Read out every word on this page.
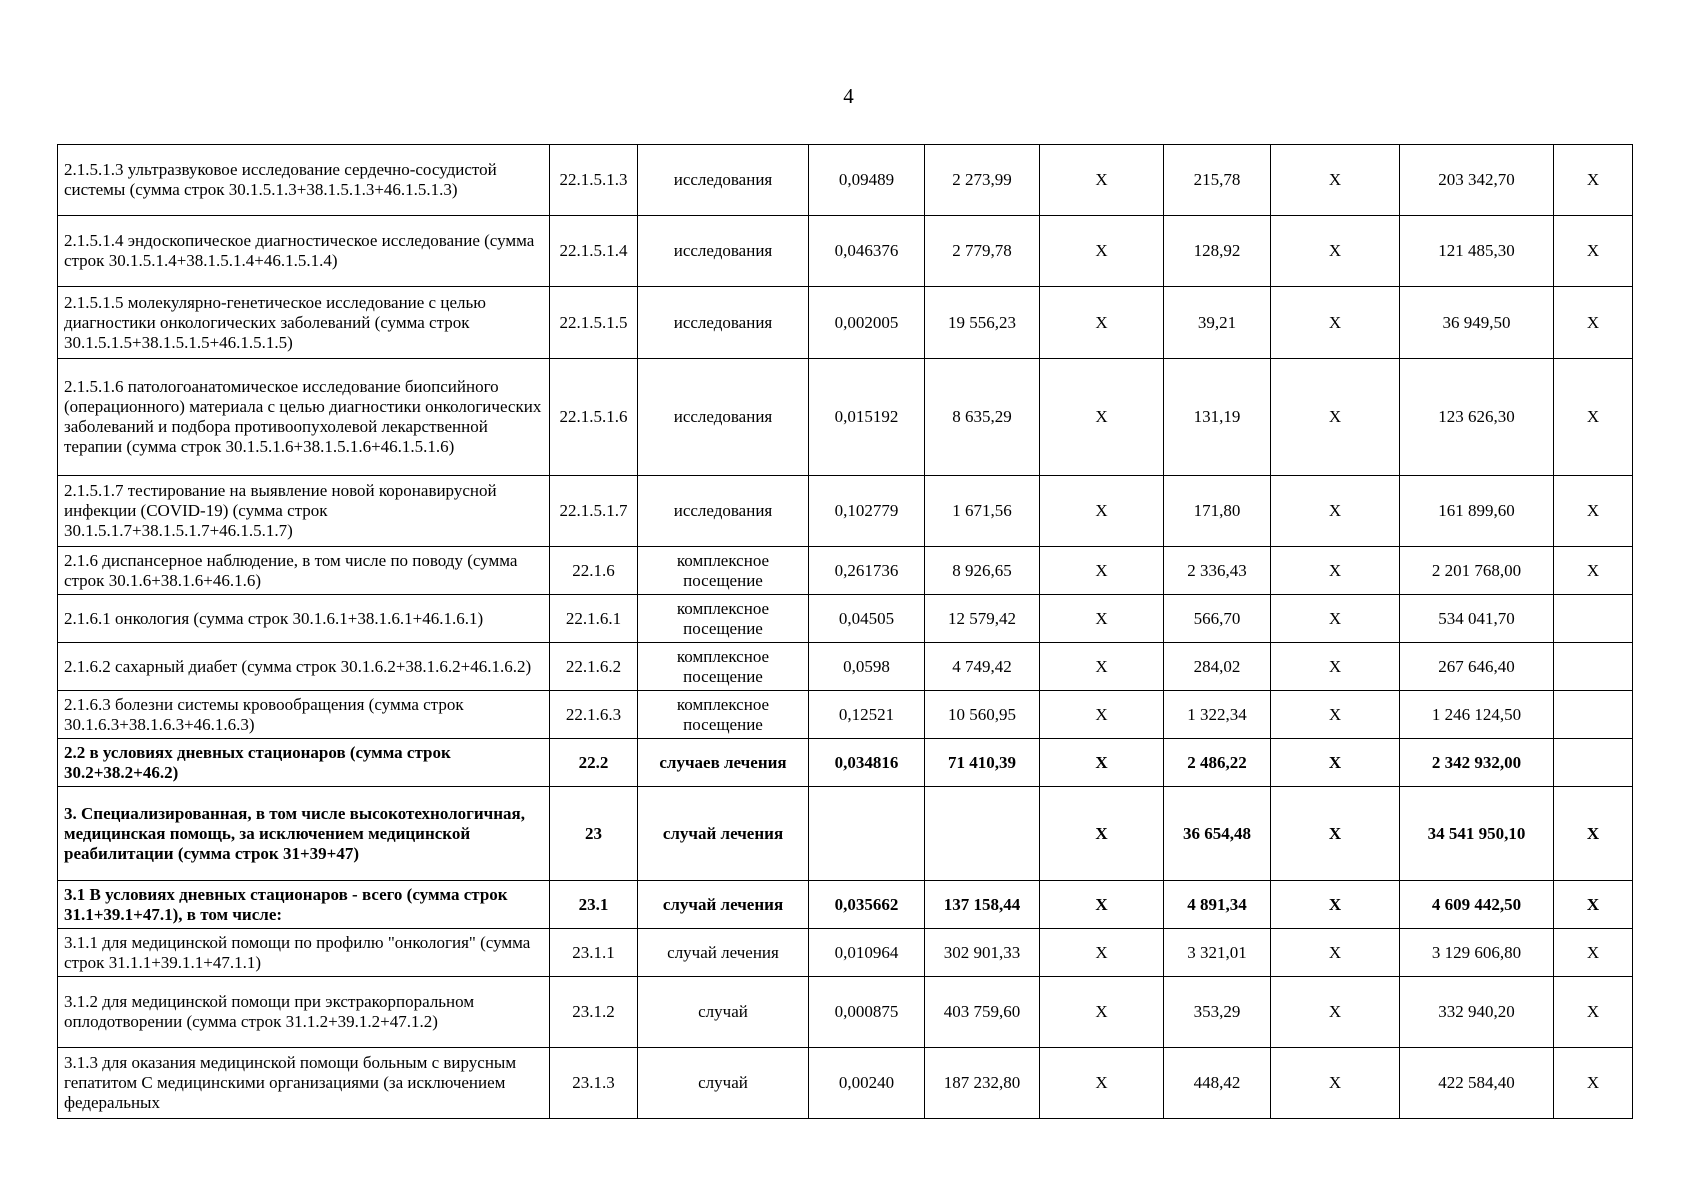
4
2.1.5.1.3 ультразвуковое исследование сердечно-сосудистой системы (сумма строк 30.1.5.1.3+38.1.5.1.3+46.1.5.1.3)	22.1.5.1.3	исследования	0,09489	2 273,99	X	215,78	X	203 342,70	X
2.1.5.1.4 эндоскопическое диагностическое исследование (сумма строк 30.1.5.1.4+38.1.5.1.4+46.1.5.1.4)	22.1.5.1.4	исследования	0,046376	2 779,78	X	128,92	X	121 485,30	X
2.1.5.1.5 молекулярно-генетическое исследование с целью диагностики онкологических заболеваний (сумма строк 30.1.5.1.5+38.1.5.1.5+46.1.5.1.5)	22.1.5.1.5	исследования	0,002005	19 556,23	X	39,21	X	36 949,50	X
2.1.5.1.6 патологоанатомическое исследование биопсийного (операционного) материала с целью диагностики онкологических заболеваний и подбора противоопухолевой лекарственной терапии (сумма строк 30.1.5.1.6+38.1.5.1.6+46.1.5.1.6)	22.1.5.1.6	исследования	0,015192	8 635,29	X	131,19	X	123 626,30	X
2.1.5.1.7 тестирование на выявление новой коронавирусной инфекции (COVID-19) (сумма строк 30.1.5.1.7+38.1.5.1.7+46.1.5.1.7)	22.1.5.1.7	исследования	0,102779	1 671,56	X	171,80	X	161 899,60	X
2.1.6 диспансерное наблюдение, в том числе по поводу (сумма строк 30.1.6+38.1.6+46.1.6)	22.1.6	комплексное посещение	0,261736	8 926,65	X	2 336,43	X	2 201 768,00	X
2.1.6.1 онкология (сумма строк 30.1.6.1+38.1.6.1+46.1.6.1)	22.1.6.1	комплексное посещение	0,04505	12 579,42	X	566,70	X	534 041,70	
2.1.6.2 сахарный диабет (сумма строк 30.1.6.2+38.1.6.2+46.1.6.2)	22.1.6.2	комплексное посещение	0,0598	4 749,42	X	284,02	X	267 646,40	
2.1.6.3 болезни системы кровообращения (сумма строк 30.1.6.3+38.1.6.3+46.1.6.3)	22.1.6.3	комплексное посещение	0,12521	10 560,95	X	1 322,34	X	1 246 124,50	
2.2 в условиях дневных стационаров (сумма строк 30.2+38.2+46.2)	22.2	случаев лечения	0,034816	71 410,39	X	2 486,22	X	2 342 932,00	
3. Специализированная, в том числе высокотехнологичная, медицинская помощь, за исключением медицинской реабилитации (сумма строк 31+39+47)	23	случай лечения			X	36 654,48	X	34 541 950,10	X
3.1 В условиях дневных стационаров - всего (сумма строк 31.1+39.1+47.1), в том числе:	23.1	случай лечения	0,035662	137 158,44	X	4 891,34	X	4 609 442,50	X
3.1.1 для медицинской помощи по профилю "онкология" (сумма строк 31.1.1+39.1.1+47.1.1)	23.1.1	случай лечения	0,010964	302 901,33	X	3 321,01	X	3 129 606,80	X
3.1.2 для медицинской помощи при экстракорпоральном оплодотворении (сумма строк 31.1.2+39.1.2+47.1.2)	23.1.2	случай	0,000875	403 759,60	X	353,29	X	332 940,20	X
3.1.3 для оказания медицинской помощи больным с вирусным гепатитом С медицинскими организациями (за исключением федеральных	23.1.3	случай	0,00240	187 232,80	X	448,42	X	422 584,40	X
